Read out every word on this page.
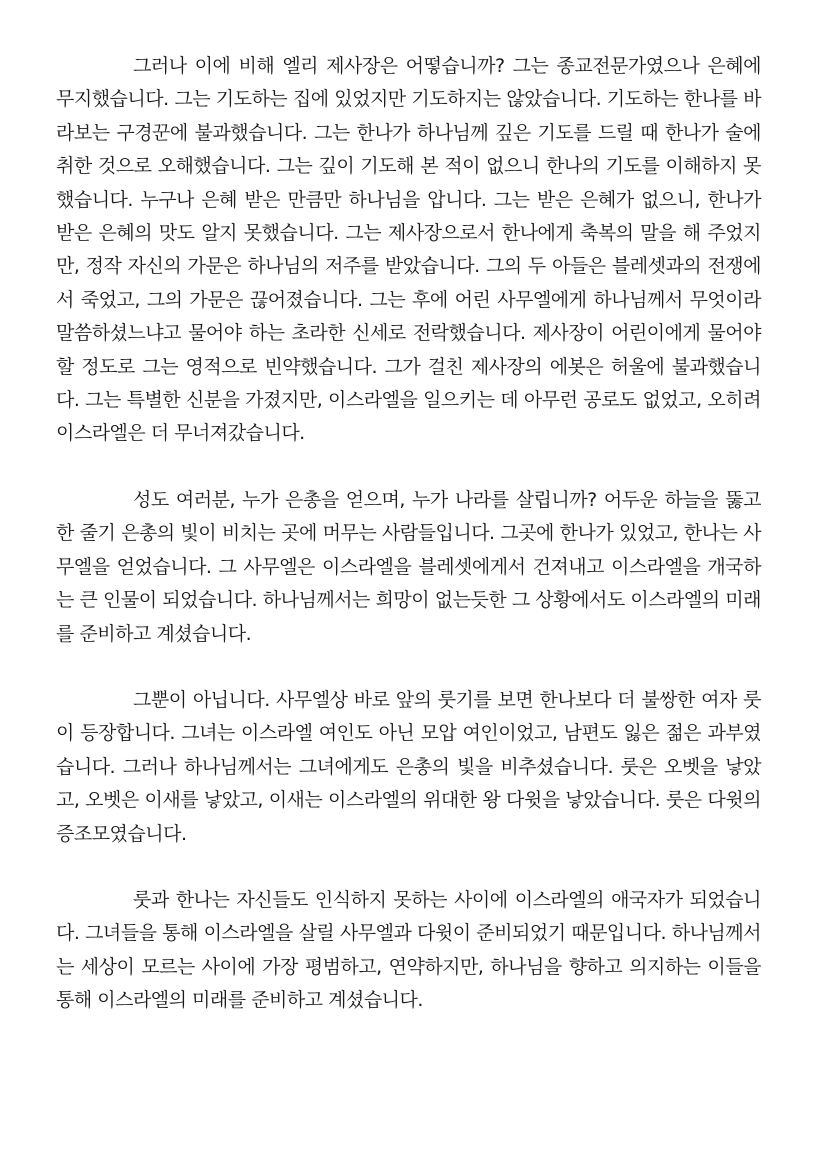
그러나 이에 비해 엘리 제사장은 어떻습니까? 그는 종교전문가였으나 은혜에 무지했습니다. 그는 기도하는 집에 있었지만 기도하지는 않았습니다. 기도하는 한나를 바라보는 구경꾼에 불과했습니다. 그는 한나가 하나님께 깊은 기도를 드릴 때 한나가 술에 취한 것으로 오해했습니다. 그는 깊이 기도해 본 적이 없으니 한나의 기도를 이해하지 못했습니다. 누구나 은혜 받은 만큼만 하나님을 압니다. 그는 받은 은혜가 없으니, 한나가 받은 은혜의 맛도 알지 못했습니다. 그는 제사장으로서 한나에게 축복의 말을 해 주었지만, 정작 자신의 가문은 하나님의 저주를 받았습니다. 그의 두 아들은 블레셋과의 전쟁에서 죽었고, 그의 가문은 끊어졌습니다. 그는 후에 어린 사무엘에게 하나님께서 무엇이라 말씀하셨느냐고 물어야 하는 초라한 신세로 전락했습니다. 제사장이 어린이에게 물어야 할 정도로 그는 영적으로 빈약했습니다. 그가 걸친 제사장의 에봇은 허울에 불과했습니다. 그는 특별한 신분을 가졌지만, 이스라엘을 일으키는 데 아무런 공로도 없었고, 오히려 이스라엘은 더 무너져갔습니다.

성도 여러분, 누가 은총을 얻으며, 누가 나라를 살립니까? 어두운 하늘을 뚫고 한 줄기 은총의 빛이 비치는 곳에 머무는 사람들입니다. 그곳에 한나가 있었고, 한나는 사무엘을 얻었습니다. 그 사무엘은 이스라엘을 블레셋에게서 건져내고 이스라엘을 개국하는 큰 인물이 되었습니다. 하나님께서는 희망이 없는듯한 그 상황에서도 이스라엘의 미래를 준비하고 계셨습니다.

그뿐이 아닙니다. 사무엘상 바로 앞의 룻기를 보면 한나보다 더 불쌍한 여자 룻이 등장합니다. 그녀는 이스라엘 여인도 아닌 모압 여인이었고, 남편도 잃은 젊은 과부였습니다. 그러나 하나님께서는 그녀에게도 은총의 빛을 비추셨습니다. 룻은 오벳을 낳았고, 오벳은 이새를 낳았고, 이새는 이스라엘의 위대한 왕 다윗을 낳았습니다. 룻은 다윗의 증조모였습니다.

룻과 한나는 자신들도 인식하지 못하는 사이에 이스라엘의 애국자가 되었습니다. 그녀들을 통해 이스라엘을 살릴 사무엘과 다윗이 준비되었기 때문입니다. 하나님께서는 세상이 모르는 사이에 가장 평범하고, 연약하지만, 하나님을 향하고 의지하는 이들을 통해 이스라엘의 미래를 준비하고 계셨습니다.
